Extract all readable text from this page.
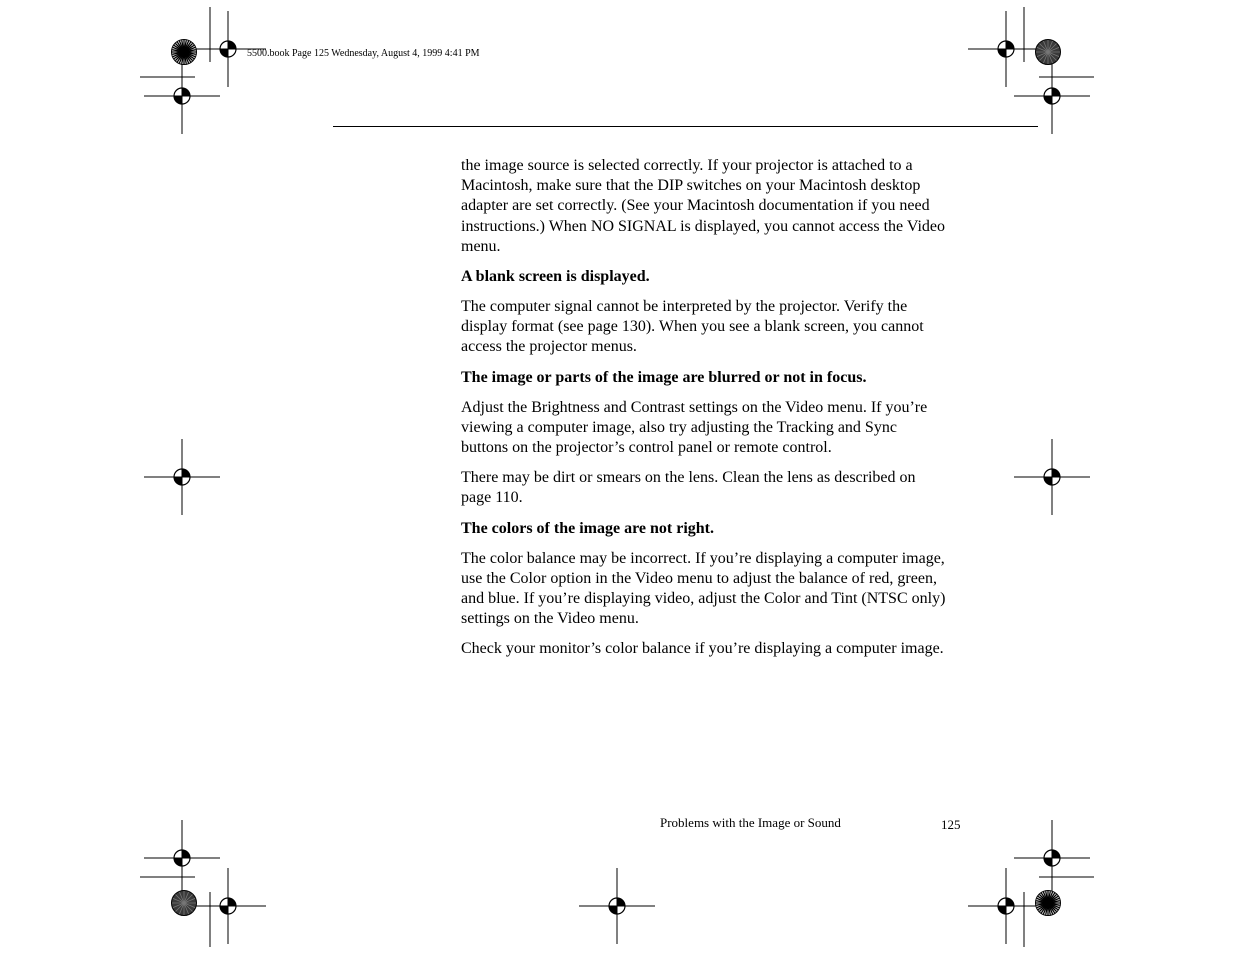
5500.book Page 125 Wednesday, August 4, 1999 4:41 PM

the image source is selected correctly. If your projector is attached to a Macintosh, make sure that the DIP switches on your Macintosh desktop adapter are set correctly. (See your Macintosh documentation if you need instructions.) When NO SIGNAL is displayed, you cannot access the Video menu.

A blank screen is displayed.

The computer signal cannot be interpreted by the projector. Verify the display format (see page 130). When you see a blank screen, you cannot access the projector menus.

The image or parts of the image are blurred or not in focus.

Adjust the Brightness and Contrast settings on the Video menu. If you’re viewing a computer image, also try adjusting the Tracking and Sync buttons on the projector’s control panel or remote control.

There may be dirt or smears on the lens. Clean the lens as described on page 110.

The colors of the image are not right.

The color balance may be incorrect. If you’re displaying a computer image, use the Color option in the Video menu to adjust the balance of red, green, and blue. If you’re displaying video, adjust the Color and Tint (NTSC only) settings on the Video menu.

Check your monitor’s color balance if you’re displaying a computer image.

Problems with the Image or Sound	125
